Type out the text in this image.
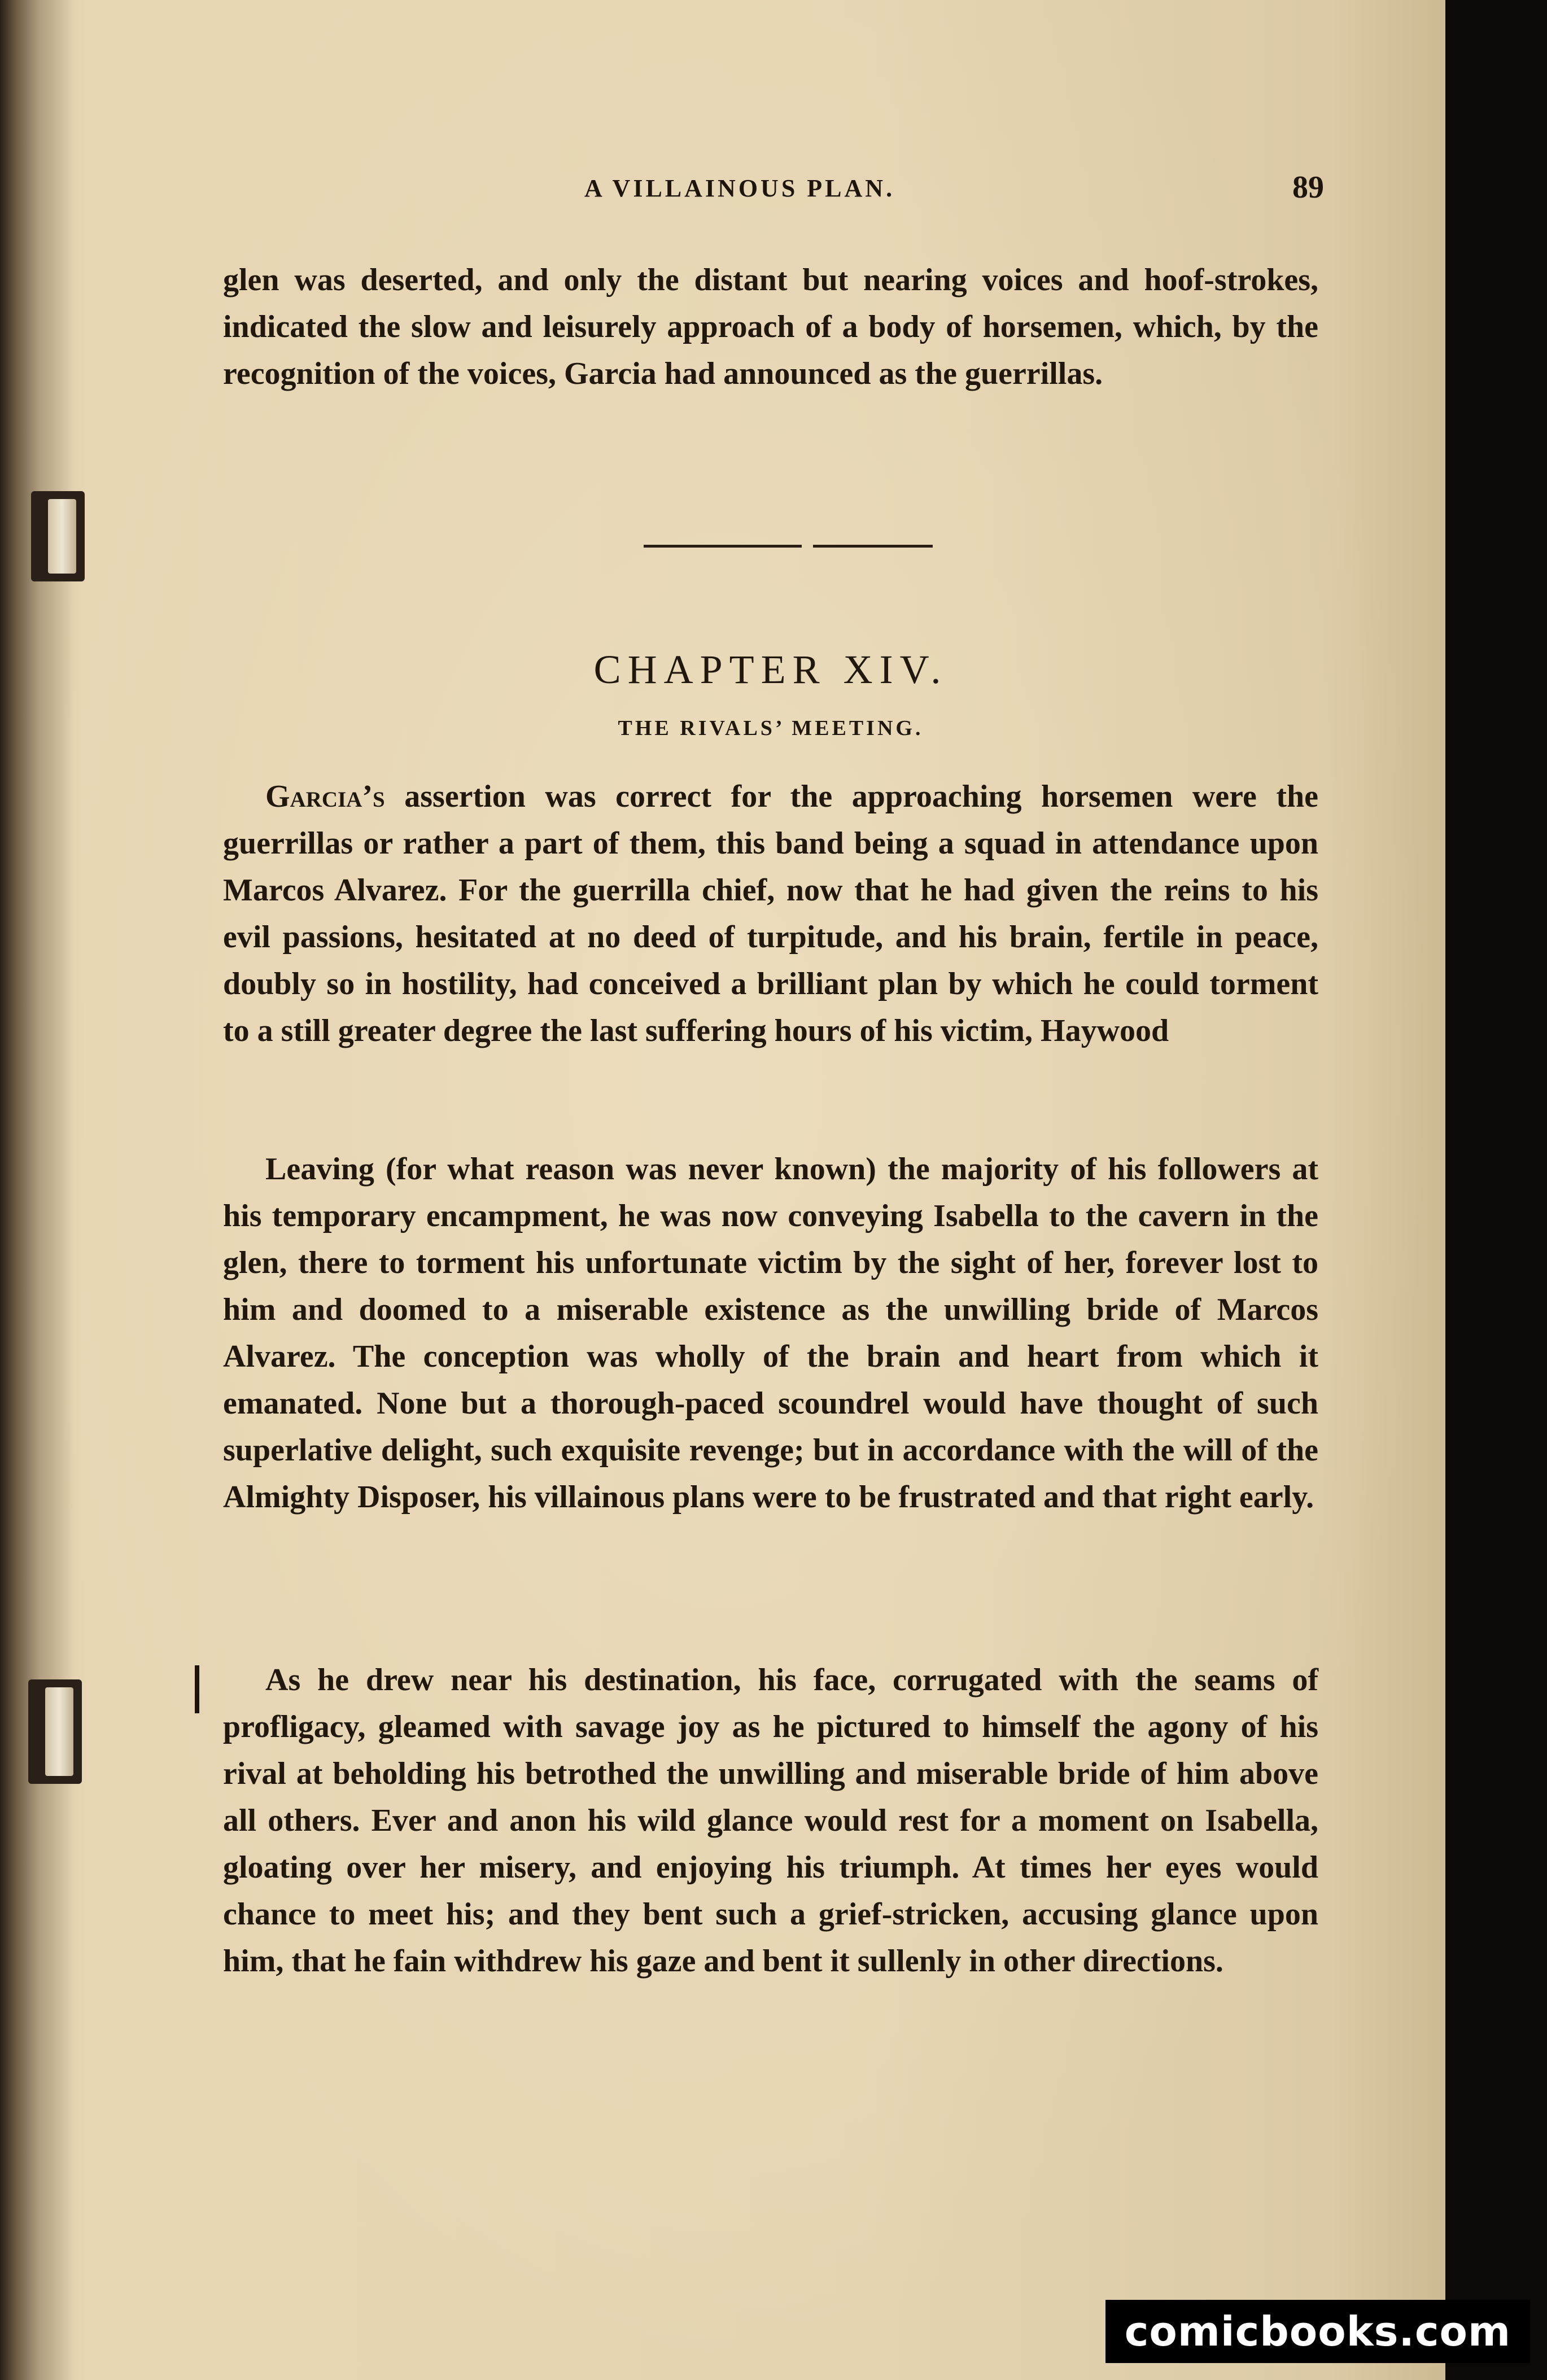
A VILLAINOUS PLAN.	89

glen was deserted, and only the distant but nearing voices and hoof-strokes, indicated the slow and leisurely approach of a body of horsemen, which, by the recognition of the voices, Garcia had announced as the guerrillas.

CHAPTER XIV.
THE RIVALS’ MEETING.

Garcia’s assertion was correct for the approaching horsemen were the guerrillas or rather a part of them, this band being a squad in attendance upon Marcos Alvarez. For the guerrilla chief, now that he had given the reins to his evil passions, hesitated at no deed of turpitude, and his brain, fertile in peace, doubly so in hostility, had conceived a brilliant plan by which he could torment to a still greater degree the last suffering hours of his victim, Haywood

Leaving (for what reason was never known) the majority of his followers at his temporary encampment, he was now conveying Isabella to the cavern in the glen, there to torment his unfortunate victim by the sight of her, forever lost to him and doomed to a miserable existence as the unwilling bride of Marcos Alvarez. The conception was wholly of the brain and heart from which it emanated. None but a thorough-paced scoundrel would have thought of such superlative delight, such exquisite revenge; but in accordance with the will of the Almighty Disposer, his villainous plans were to be frustrated and that right early.

As he drew near his destination, his face, corrugated with the seams of profligacy, gleamed with savage joy as he pictured to himself the agony of his rival at beholding his betrothed the unwilling and miserable bride of him above all others. Ever and anon his wild glance would rest for a moment on Isabella, gloating over her misery, and enjoying his triumph. At times her eyes would chance to meet his; and they bent such a grief-stricken, accusing glance upon him, that he fain withdrew his gaze and bent it sullenly in other directions.

comicbooks.com
